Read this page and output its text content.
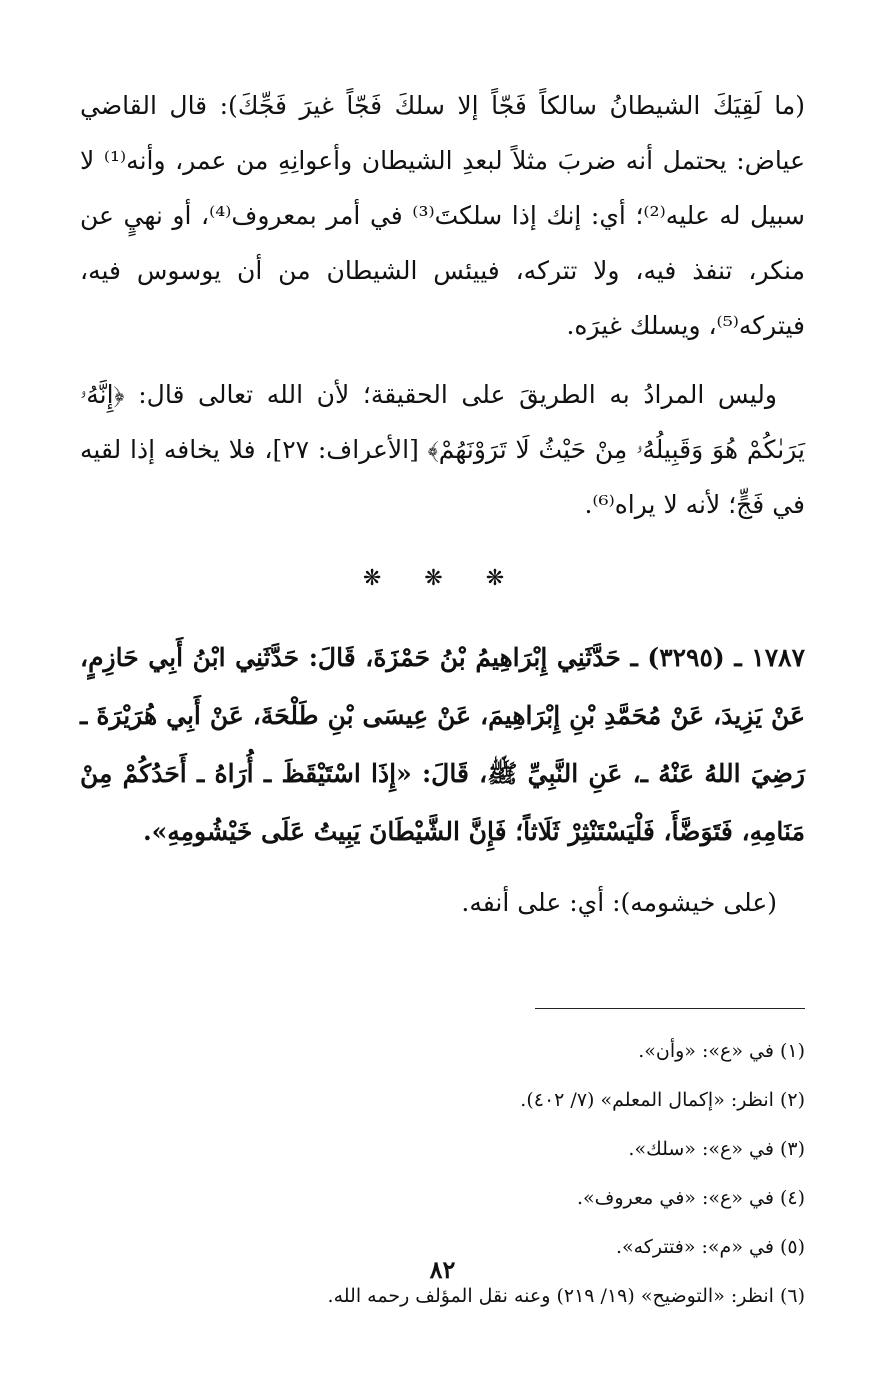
(ما لَقِيَكَ الشيطانُ سالكاً فَجّاً إلا سلكَ فَجّاً غيرَ فَجِّكَ): قال القاضي عياض: يحتمل أنه ضربَ مثلاً لبعدِ الشيطان وأعوانِهِ من عمر، وأنه⁽¹⁾ لا سبيل له عليه⁽²⁾؛ أي: إنك إذا سلكتَ⁽³⁾ في أمر بمعروف⁽⁴⁾، أو نهيٍ عن منكر، تنفذ فيه، ولا تتركه، فييئس الشيطان من أن يوسوس فيه، فيتركه⁽⁵⁾، ويسلك غيرَه.

وليس المرادُ به الطريقَ على الحقيقة؛ لأن الله تعالى قال: ﴿إِنَّهُۥ يَرَىٰكُمْ هُوَ وَقَبِيلُهُۥ مِنْ حَيْثُ لَا تَرَوْنَهُمْ﴾ [الأعراف: ٢٧]، فلا يخافه إذا لقيه في فَجٍّ؛ لأنه لا يراه⁽⁶⁾.

❋ ❋ ❋

١٧٨٧ ـ (٣٢٩٥) ـ حَدَّثَنِي إِبْرَاهِيمُ بْنُ حَمْزَةَ، قَالَ: حَدَّثَنِي ابْنُ أَبِي حَازِمٍ، عَنْ يَزِيدَ، عَنْ مُحَمَّدِ بْنِ إِبْرَاهِيمَ، عَنْ عِيسَى بْنِ طَلْحَةَ، عَنْ أَبِي هُرَيْرَةَ ـ رَضِيَ اللهُ عَنْهُ ـ، عَنِ النَّبِيِّ ﷺ، قَالَ: «إِذَا اسْتَيْقَظَ ـ أُرَاهُ ـ أَحَدُكُمْ مِنْ مَنَامِهِ، فَتَوَضَّأَ، فَلْيَسْتَنْثِرْ ثَلَاثاً؛ فَإِنَّ الشَّيْطَانَ يَبِيتُ عَلَى خَيْشُومِهِ».

(على خيشومه): أي: على أنفه.

(١) في «ع»: «وأن».
(٢) انظر: «إكمال المعلم» (٧/ ٤٠٢).
(٣) في «ع»: «سلك».
(٤) في «ع»: «في معروف».
(٥) في «م»: «فتتركه».
(٦) انظر: «التوضيح» (١٩/ ٢١٩) وعنه نقل المؤلف رحمه الله.
٨٢
